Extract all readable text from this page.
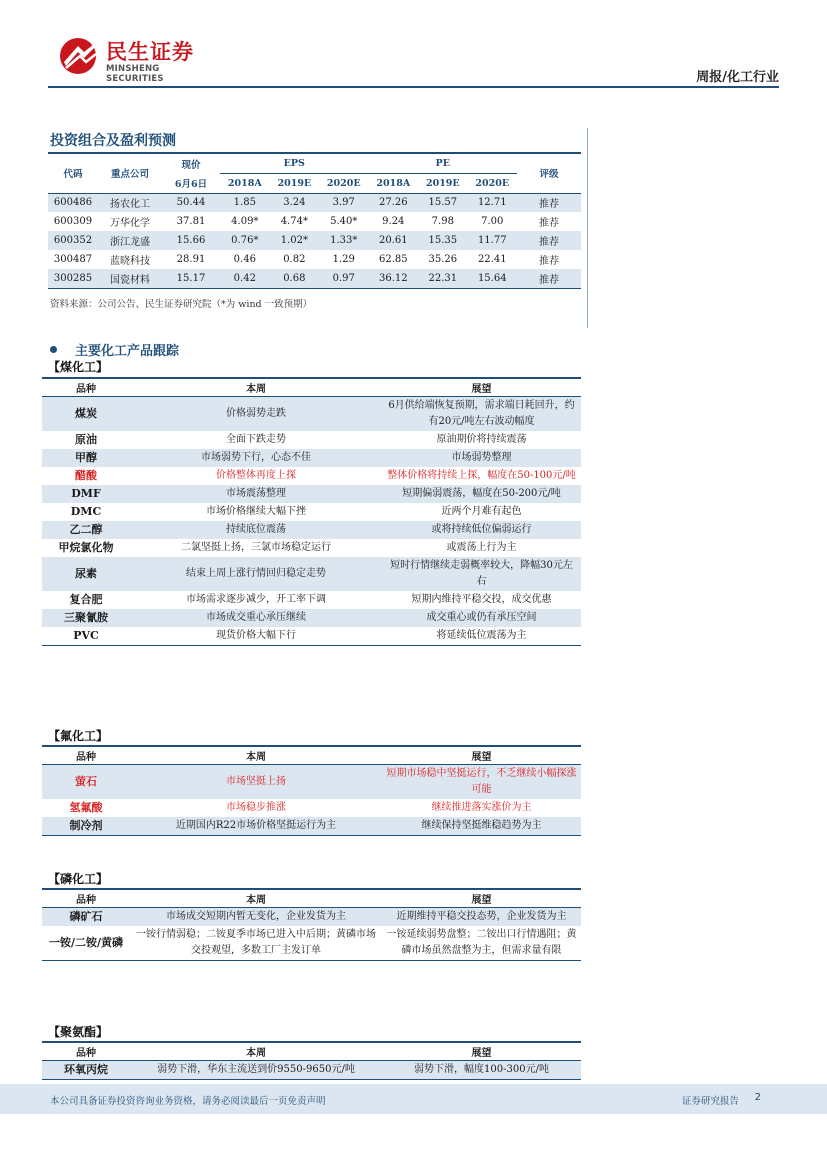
民生证券
MINSHENG SECURITIES	周报/化工行业
投资组合及盈利预测
代码	重点公司	现价	EPS			PE			评级
		6月6日	2018A	2019E	2020E	2018A	2019E	2020E	
600486	扬农化工	50.44	1.85	3.24	3.97	27.26	15.57	12.71	推荐
600309	万华化学	37.81	4.09*	4.74*	5.40*	9.24	7.98	7.00	推荐
600352	浙江龙盛	15.66	0.76*	1.02*	1.33*	20.61	15.35	11.77	推荐
300487	蓝晓科技	28.91	0.46	0.82	1.29	62.85	35.26	22.41	推荐
300285	国瓷材料	15.17	0.42	0.68	0.97	36.12	22.31	15.64	推荐
资料来源：公司公告、民生证券研究院（*为 wind 一致预期）
主要化工产品跟踪
【煤化工】
品种	本周	展望
煤炭	价格弱势走跌	6月供给端恢复预期，需求端日耗回升，约有20元/吨左右波动幅度
原油	全面下跌走势	原油期价将持续震荡
甲醇	市场弱势下行，心态不佳	市场弱势整理
醋酸	价格整体再度上探	整体价格将持续上探，幅度在50-100元/吨
DMF	市场震荡整理	短期偏弱震荡，幅度在50-200元/吨
DMC	市场价格继续大幅下挫	近两个月难有起色
乙二醇	持续底位震荡	或将持续低位偏弱运行
甲烷氯化物	二氯坚挺上扬，三氯市场稳定运行	或震荡上行为主
尿素	结束上周上涨行情回归稳定走势	短时行情继续走弱概率较大，降幅30元左右
复合肥	市场需求逐步减少，开工率下调	短期内维持平稳交投，成交优惠
三聚氰胺	市场成交重心承压继续	成交重心或仍有承压空间
PVC	现货价格大幅下行	将延续低位震荡为主
【氟化工】
品种	本周	展望
萤石	市场坚挺上扬	短期市场稳中坚挺运行，不乏继续小幅探涨可能
氢氟酸	市场稳步推涨	继续推进落实涨价为主
制冷剂	近期国内R22市场价格坚挺运行为主	继续保持坚挺维稳趋势为主
【磷化工】
品种	本周	展望
磷矿石	市场成交短期内暂无变化，企业发货为主	近期维持平稳交投态势，企业发货为主
一铵/二铵/黄磷	一铵行情弱稳；二铵夏季市场已进入中后期；黄磷市场交投观望，多数工厂主发订单	一铵延续弱势盘整；二铵出口行情遇阻；黄磷市场虽然盘整为主，但需求量有限
【聚氨酯】
品种	本周	展望
环氧丙烷	弱势下滑，华东主流送到价9550-9650元/吨	弱势下滑，幅度100-300元/吨
本公司具备证券投资咨询业务资格，请务必阅读最后一页免责声明	证券研究报告 2
